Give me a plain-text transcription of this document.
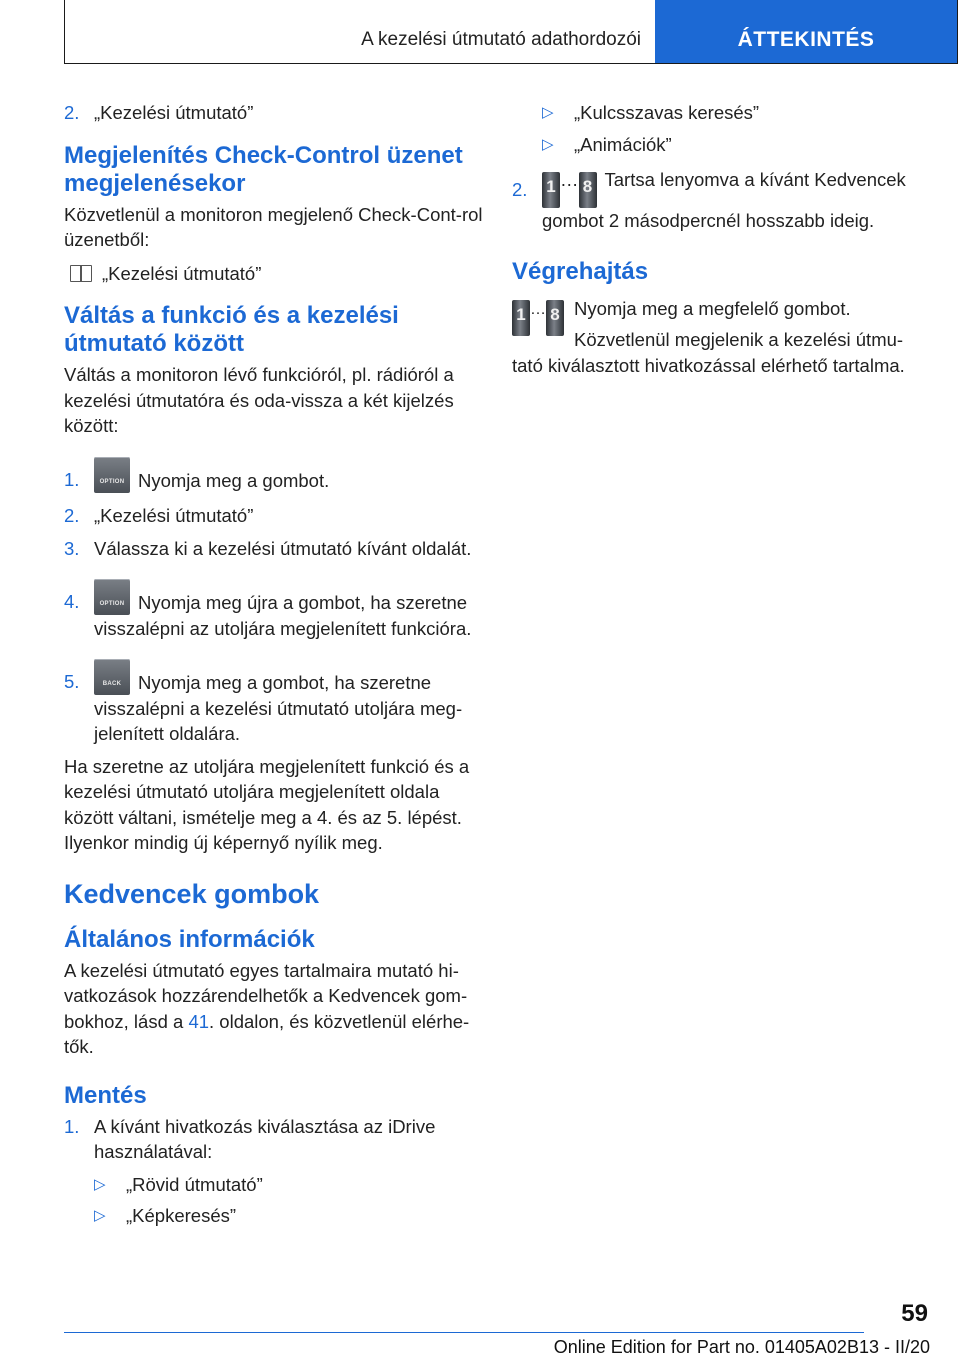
A kezelési útmutató adathordozói	ÁTTEKINTÉS
2. „Kezelési útmutató”
Megjelenítés Check-Control üzenet megjelenésekor

Közvetlenül a monitoron megjelenő Check-Cont-rol üzenetből:

„Kezelési útmutató”

Váltás a funkció és a kezelési útmutató között

Váltás a monitoron lévő funkcióról, pl. rádióról a kezelési útmutatóra és oda-vissza a két kijelzés között:

1.	OPTION Nyomja meg a gombot.
2. „Kezelési útmutató”
3. Válassza ki a kezelési útmutató kívánt oldalát.
4.	OPTION Nyomja meg újra a gombot, ha szeretne visszalépni az utoljára megjelenített funkcióra.
5.	BACK Nyomja meg a gombot, ha szeretne visszalépni a kezelési útmutató utoljára meg-jelenített oldalára.

Ha szeretne az utoljára megjelenített funkció és a kezelési útmutató utoljára megjelenített oldala között váltani, ismételje meg a 4. és az 5. lépést. Ilyenkor mindig új képernyő nyílik meg.

Kedvencek gombok
Általános információk

A kezelési útmutató egyes tartalmaira mutató hi-vatkozások hozzárendelhetők a Kedvencek gom-bokhoz, lásd a 41. oldalon, és közvetlenül elérhe-tők.

Mentés
1. A kívánt hivatkozás kiválasztása az iDrive használatával:
▷ „Rövid útmutató”
▷ „Képkeresés”
▷ „Kulcsszavas keresés”
▷ „Animációk”
2. 1 … 8 Tartsa lenyomva a kívánt Kedvencek gombot 2 másodpercnél hosszabb ideig.
Végrehajtás
1 … 8 Nyomja meg a megfelelő gombot.

Közvetlenül megjelenik a kezelési útmu-tató kiválasztott hivatkozással elérhető tartalma.

59
Online Edition for Part no. 01405A02B13 - II/20
